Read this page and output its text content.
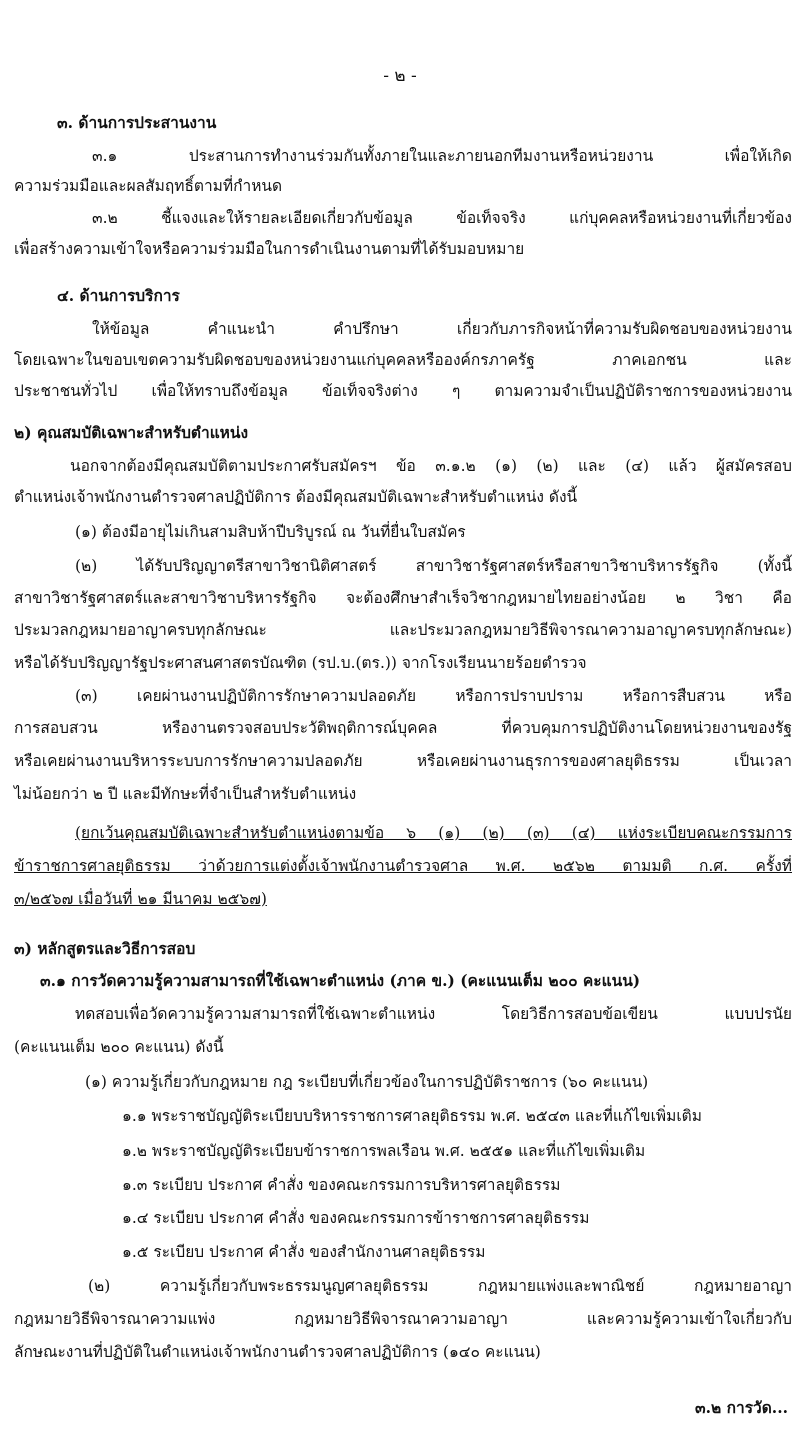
- ๒ -
๓. ด้านการประสานงาน
๓.๑ ประสานการทำงานร่วมกันทั้งภายในและภายนอกทีมงานหรือหน่วยงาน เพื่อให้เกิด
ความร่วมมือและผลสัมฤทธิ์ตามที่กำหนด
๓.๒ ชี้แจงและให้รายละเอียดเกี่ยวกับข้อมูล ข้อเท็จจริง แก่บุคคลหรือหน่วยงานที่เกี่ยวข้อง
เพื่อสร้างความเข้าใจหรือความร่วมมือในการดำเนินงานตามที่ได้รับมอบหมาย
๔. ด้านการบริการ
ให้ข้อมูล คำแนะนำ คำปรึกษา เกี่ยวกับภารกิจหน้าที่ความรับผิดชอบของหน่วยงาน
โดยเฉพาะในขอบเขตความรับผิดชอบของหน่วยงานแก่บุคคลหรือองค์กรภาครัฐ ภาคเอกชน และ
ประชาชนทั่วไป เพื่อให้ทราบถึงข้อมูล ข้อเท็จจริงต่าง ๆ ตามความจำเป็นปฏิบัติราชการของหน่วยงาน
๒) คุณสมบัติเฉพาะสำหรับตำแหน่ง
นอกจากต้องมีคุณสมบัติตามประกาศรับสมัครฯ ข้อ ๓.๑.๒ (๑) (๒) และ (๔) แล้ว ผู้สมัครสอบ
ตำแหน่งเจ้าพนักงานตำรวจศาลปฏิบัติการ ต้องมีคุณสมบัติเฉพาะสำหรับตำแหน่ง ดังนี้
(๑) ต้องมีอายุไม่เกินสามสิบห้าปีบริบูรณ์ ณ วันที่ยื่นใบสมัคร
(๒) ได้รับปริญญาตรีสาขาวิชานิติศาสตร์ สาขาวิชารัฐศาสตร์หรือสาขาวิชาบริหารรัฐกิจ (ทั้งนี้
สาขาวิชารัฐศาสตร์และสาขาวิชาบริหารรัฐกิจ จะต้องศึกษาสำเร็จวิชากฎหมายไทยอย่างน้อย ๒ วิชา คือ
ประมวลกฎหมายอาญาครบทุกลักษณะ และประมวลกฎหมายวิธีพิจารณาความอาญาครบทุกลักษณะ)
หรือได้รับปริญญารัฐประศาสนศาสตรบัณฑิต (รป.บ.(ตร.)) จากโรงเรียนนายร้อยตำรวจ
(๓) เคยผ่านงานปฏิบัติการรักษาความปลอดภัย หรือการปราบปราม หรือการสืบสวน หรือ
การสอบสวน หรืองานตรวจสอบประวัติพฤติการณ์บุคคล ที่ควบคุมการปฏิบัติงานโดยหน่วยงานของรัฐ
หรือเคยผ่านงานบริหารระบบการรักษาความปลอดภัย หรือเคยผ่านงานธุรการของศาลยุติธรรม เป็นเวลา
ไม่น้อยกว่า ๒ ปี และมีทักษะที่จำเป็นสำหรับตำแหน่ง
(ยกเว้นคุณสมบัติเฉพาะสำหรับตำแหน่งตามข้อ ๖ (๑) (๒) (๓) (๔) แห่งระเบียบคณะกรรมการ
ข้าราชการศาลยุติธรรม ว่าด้วยการแต่งตั้งเจ้าพนักงานตำรวจศาล พ.ศ. ๒๕๖๒ ตามมติ ก.ศ. ครั้งที่
๓/๒๕๖๗ เมื่อวันที่ ๒๑ มีนาคม ๒๕๖๗)
๓) หลักสูตรและวิธีการสอบ
๓.๑ การวัดความรู้ความสามารถที่ใช้เฉพาะตำแหน่ง (ภาค ข.) (คะแนนเต็ม ๒๐๐ คะแนน)
ทดสอบเพื่อวัดความรู้ความสามารถที่ใช้เฉพาะตำแหน่ง โดยวิธีการสอบข้อเขียน แบบปรนัย
(คะแนนเต็ม ๒๐๐ คะแนน) ดังนี้
(๑) ความรู้เกี่ยวกับกฎหมาย กฎ ระเบียบที่เกี่ยวข้องในการปฏิบัติราชการ (๖๐ คะแนน)
๑.๑ พระราชบัญญัติระเบียบบริหารราชการศาลยุติธรรม พ.ศ. ๒๕๔๓ และที่แก้ไขเพิ่มเติม
๑.๒ พระราชบัญญัติระเบียบข้าราชการพลเรือน พ.ศ. ๒๕๕๑ และที่แก้ไขเพิ่มเติม
๑.๓ ระเบียบ ประกาศ คำสั่ง ของคณะกรรมการบริหารศาลยุติธรรม
๑.๔ ระเบียบ ประกาศ คำสั่ง ของคณะกรรมการข้าราชการศาลยุติธรรม
๑.๕ ระเบียบ ประกาศ คำสั่ง ของสำนักงานศาลยุติธรรม
(๒) ความรู้เกี่ยวกับพระธรรมนูญศาลยุติธรรม กฎหมายแพ่งและพาณิชย์ กฎหมายอาญา
กฎหมายวิธีพิจารณาความแพ่ง กฎหมายวิธีพิจารณาความอาญา และความรู้ความเข้าใจเกี่ยวกับ
ลักษณะงานที่ปฏิบัติในตำแหน่งเจ้าพนักงานตำรวจศาลปฏิบัติการ (๑๔๐ คะแนน)
๓.๒ การวัด...
